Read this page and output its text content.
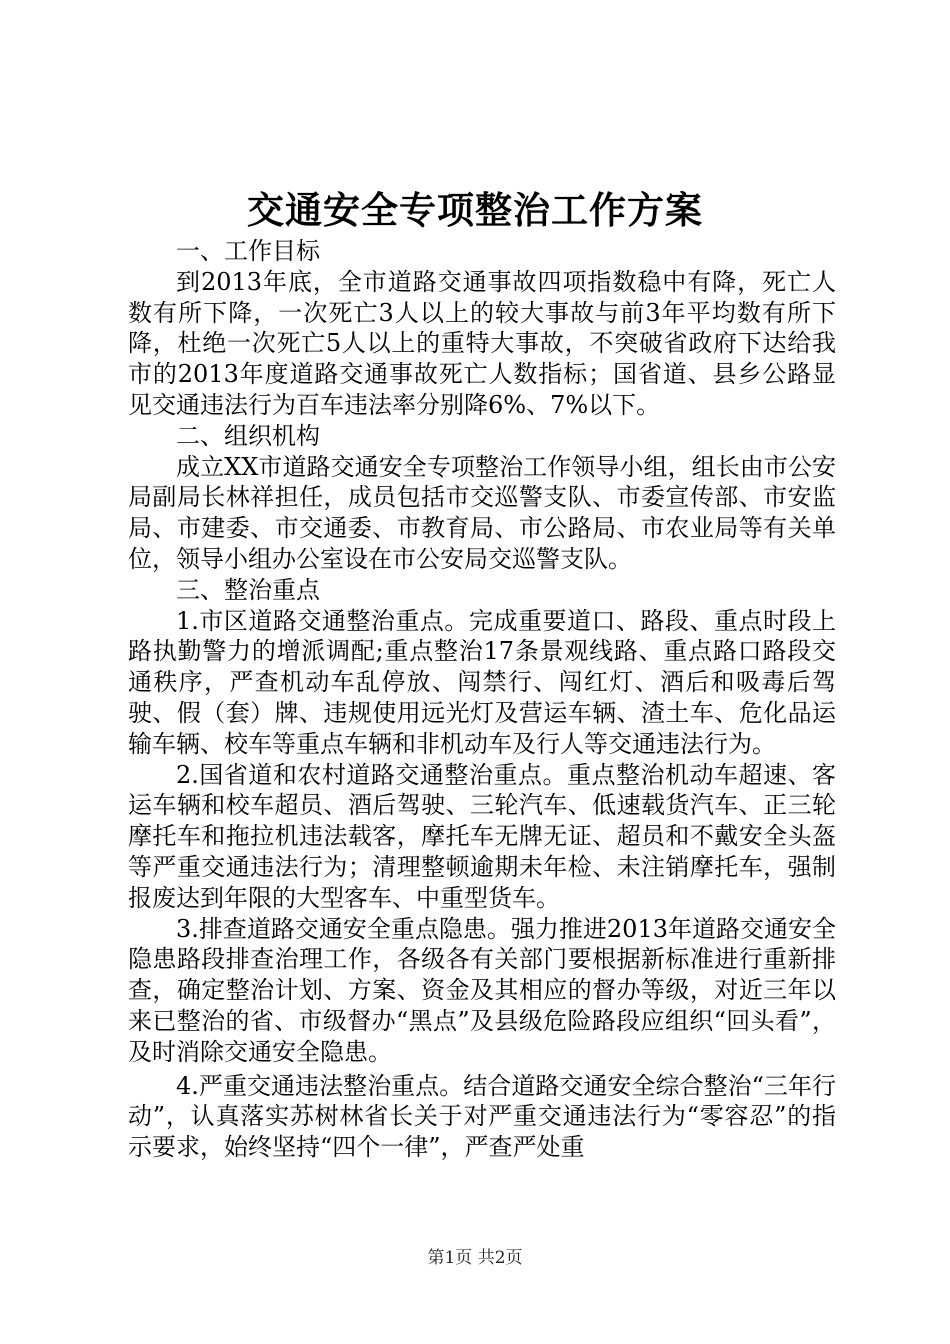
交通安全专项整治工作方案

一、工作目标

到2013年底，全市道路交通事故四项指数稳中有降，死亡人数有所下降，一次死亡3人以上的较大事故与前3年平均数有所下降，杜绝一次死亡5人以上的重特大事故，不突破省政府下达给我市的2013年度道路交通事故死亡人数指标；国省道、县乡公路显见交通违法行为百车违法率分别降6%、7%以下。

二、组织机构

成立XX市道路交通安全专项整治工作领导小组，组长由市公安局副局长林祥担任，成员包括市交巡警支队、市委宣传部、市安监局、市建委、市交通委、市教育局、市公路局、市农业局等有关单位，领导小组办公室设在市公安局交巡警支队。

三、整治重点

1.市区道路交通整治重点。完成重要道口、路段、重点时段上路执勤警力的增派调配;重点整治17条景观线路、重点路口路段交通秩序，严查机动车乱停放、闯禁行、闯红灯、酒后和吸毒后驾驶、假（套）牌、违规使用远光灯及营运车辆、渣土车、危化品运输车辆、校车等重点车辆和非机动车及行人等交通违法行为。

2.国省道和农村道路交通整治重点。重点整治机动车超速、客运车辆和校车超员、酒后驾驶、三轮汽车、低速载货汽车、正三轮摩托车和拖拉机违法载客，摩托车无牌无证、超员和不戴安全头盔等严重交通违法行为；清理整顿逾期未年检、未注销摩托车，强制报废达到年限的大型客车、中重型货车。

3.排查道路交通安全重点隐患。强力推进2013年道路交通安全隐患路段排查治理工作，各级各有关部门要根据新标准进行重新排查，确定整治计划、方案、资金及其相应的督办等级，对近三年以来已整治的省、市级督办“黑点”及县级危险路段应组织“回头看”，及时消除交通安全隐患。

4.严重交通违法整治重点。结合道路交通安全综合整治“三年行动”，认真落实苏树林省长关于对严重交通违法行为“零容忍”的指示要求，始终坚持“四个一律”，严查严处重

第1页 共2页
